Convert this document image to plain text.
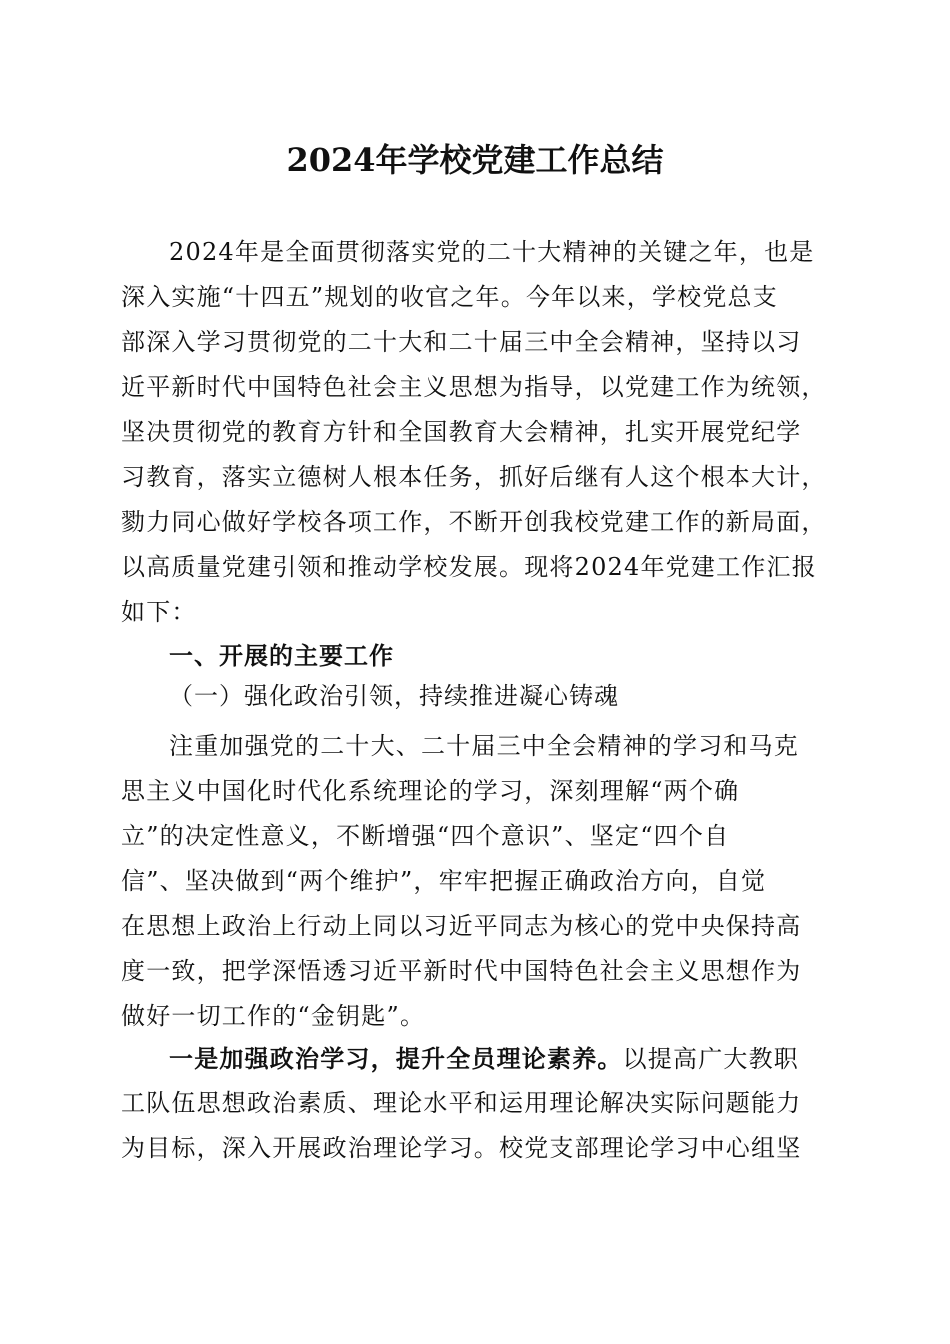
2024年学校党建工作总结
2024年是全面贯彻落实党的二十大精神的关键之年，也是
深入实施“十四五”规划的收官之年。今年以来，学校党总支
部深入学习贯彻党的二十大和二十届三中全会精神，坚持以习
近平新时代中国特色社会主义思想为指导，以党建工作为统领，
坚决贯彻党的教育方针和全国教育大会精神，扎实开展党纪学
习教育，落实立德树人根本任务，抓好后继有人这个根本大计，
勠力同心做好学校各项工作，不断开创我校党建工作的新局面，
以高质量党建引领和推动学校发展。现将2024年党建工作汇报
如下：
一、开展的主要工作
（一）强化政治引领，持续推进凝心铸魂
注重加强党的二十大、二十届三中全会精神的学习和马克
思主义中国化时代化系统理论的学习，深刻理解“两个确
立”的决定性意义，不断增强“四个意识”、坚定“四个自
信”、坚决做到“两个维护”，牢牢把握正确政治方向，自觉
在思想上政治上行动上同以习近平同志为核心的党中央保持高
度一致，把学深悟透习近平新时代中国特色社会主义思想作为
做好一切工作的“金钥匙”。
一是加强政治学习，提升全员理论素养。以提高广大教职
工队伍思想政治素质、理论水平和运用理论解决实际问题能力
为目标，深入开展政治理论学习。校党支部理论学习中心组坚
